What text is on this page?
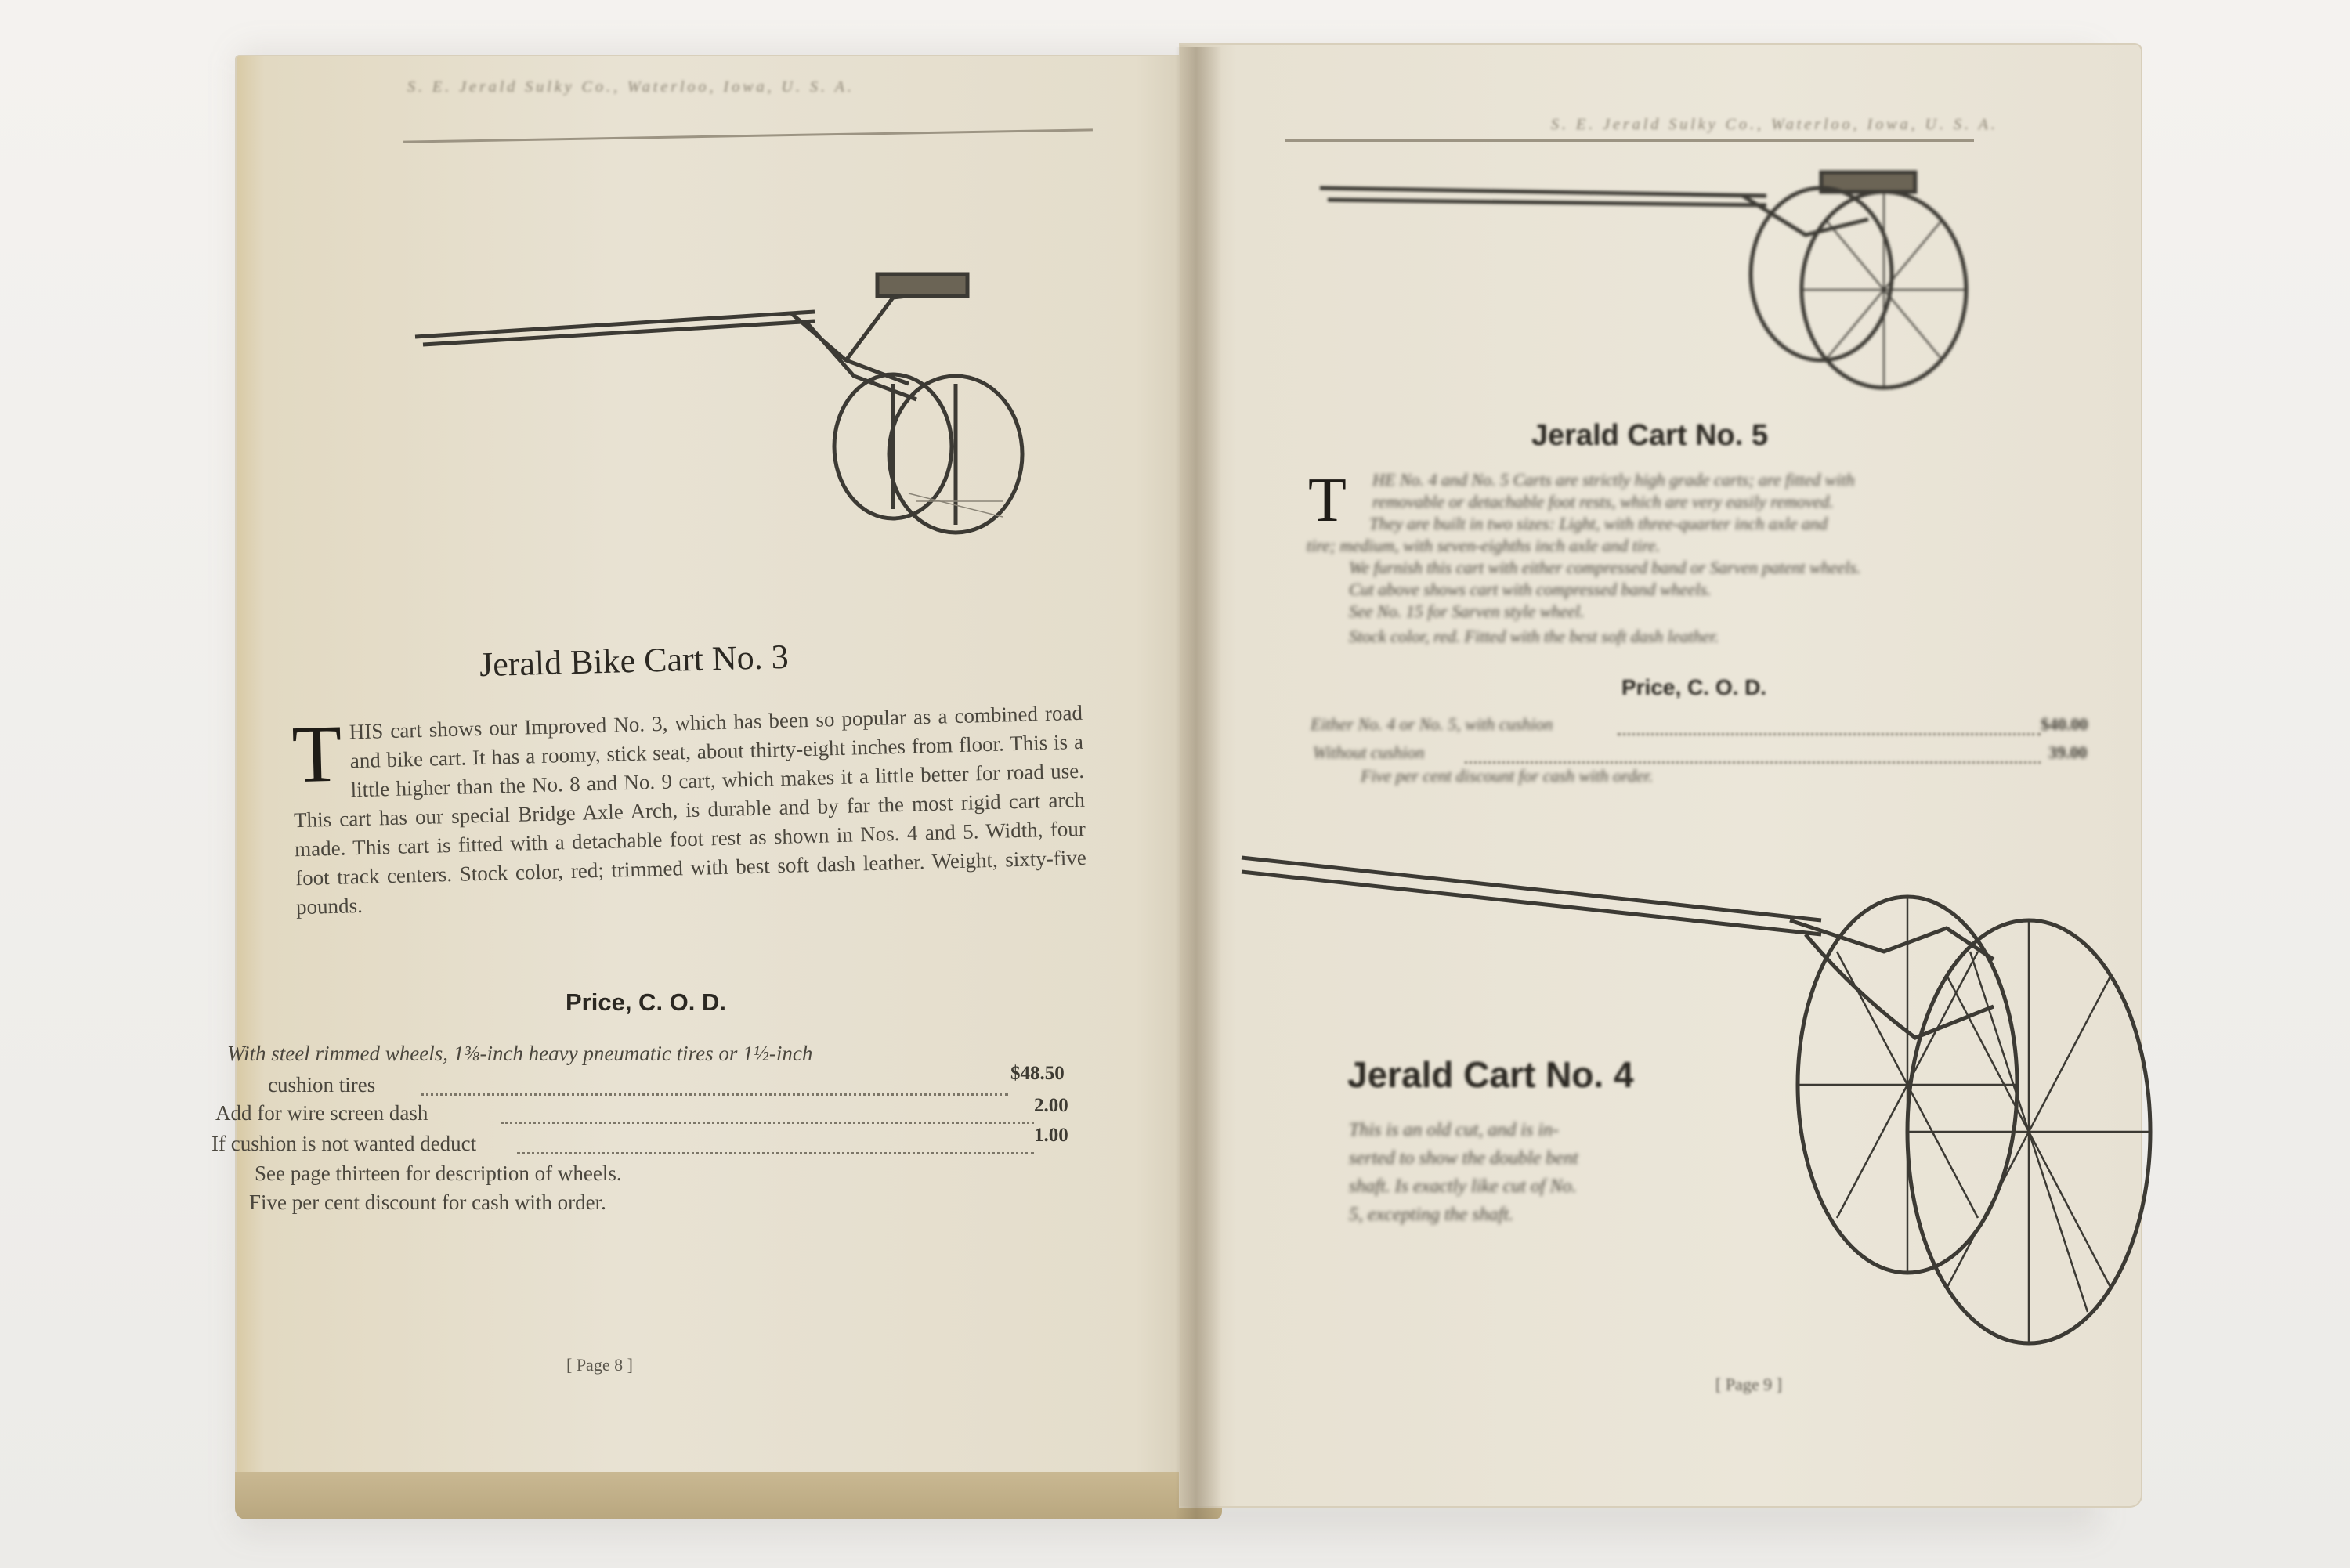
S. E. Jerald Sulky Co., Waterloo, Iowa, U. S. A.
Jerald Bike Cart No. 3
T HIS cart shows our Improved No. 3, which has been so popular as a combined road and bike cart. It has a roomy, stick seat, about thirty-eight inches from floor. This is a little higher than the No. 8 and No. 9 cart, which makes it a little better for road use. This cart has our special Bridge Axle Arch, is durable and by far the most rigid cart arch made. This cart is fitted with a detachable foot rest as shown in Nos. 4 and 5. Width, four foot track centers. Stock color, red; trimmed with best soft dash leather. Weight, sixty-five pounds.
Price, C. O. D.
With steel rimmed wheels, 1⅜-inch heavy pneumatic tires or 1½-inch
cushion tires	$48.50
Add for wire screen dash	2.00
If cushion is not wanted deduct	1.00
See page thirteen for description of wheels.
Five per cent discount for cash with order.
[ Page 8 ]
S. E. Jerald Sulky Co., Waterloo, Iowa, U. S. A.
Jerald Cart No. 5
T HE No. 4 and No. 5 Carts are strictly high grade carts; are fitted with
removable or detachable foot rests, which are very easily removed.
They are built in two sizes: Light, with three-quarter inch axle and
tire; medium, with seven-eighths inch axle and tire.
We furnish this cart with either compressed band or Sarven patent wheels.
Cut above shows cart with compressed band wheels.
See No. 15 for Sarven style wheel.
Stock color, red. Fitted with the best soft dash leather.
Price, C. O. D.
Either No. 4 or No. 5, with cushion	$40.00
Without cushion	39.00
Five per cent discount for cash with order.
Jerald Cart No. 4
This is an old cut, and is in-
serted to show the double bent
shaft. Is exactly like cut of No.
5, excepting the shaft.
[ Page 9 ]
